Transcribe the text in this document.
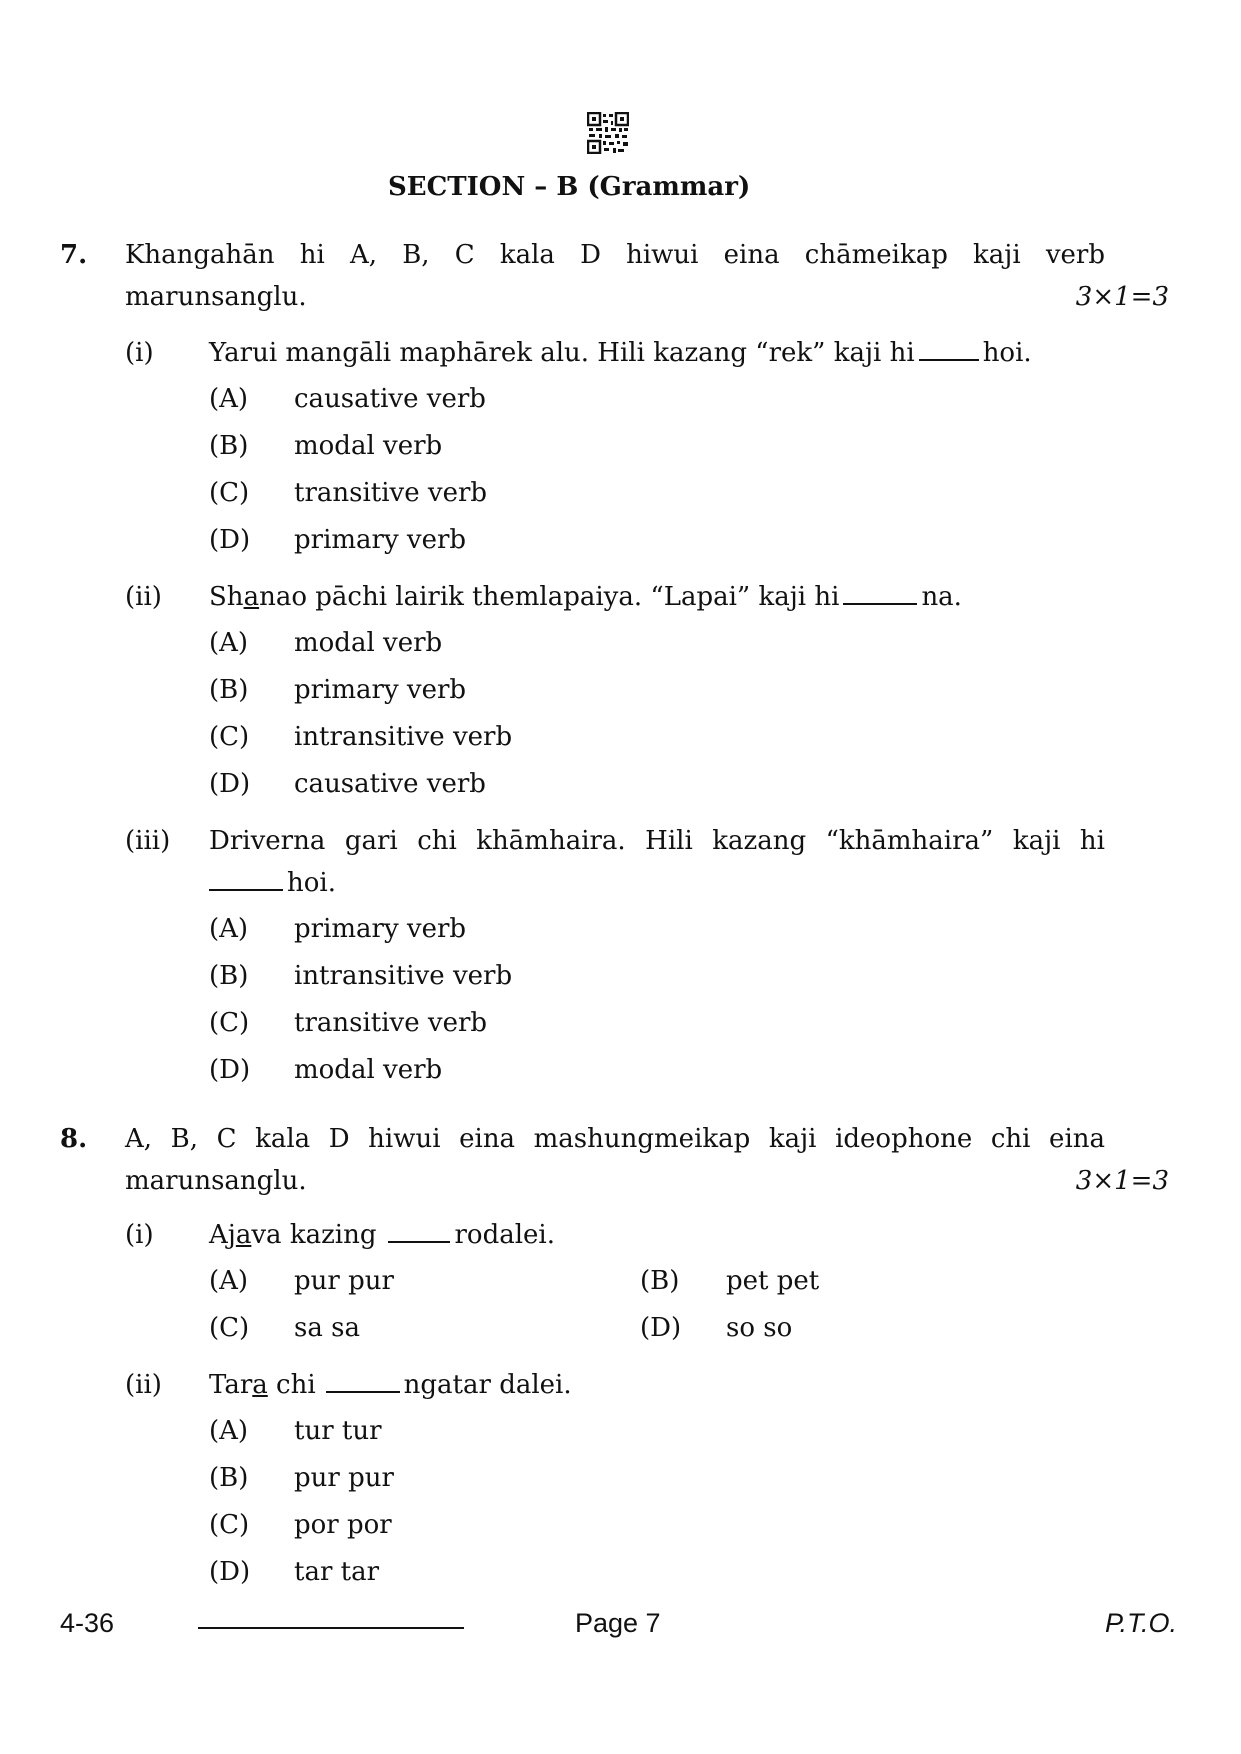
SECTION – B (Grammar)
7. Khangahān hi A, B, C kala D hiwui eina chāmeikap kaji verb
marunsanglu.	3×1=3
(i) Yarui mangāli maphārek alu. Hili kazang “rek” kaji hi	hoi.
(A) causative verb
(B) modal verb
(C) transitive verb
(D) primary verb
(ii) Shanao pāchi lairik themlapaiya. “Lapai” kaji hi	na.
(A) modal verb
(B) primary verb
(C) intransitive verb
(D) causative verb
(iii) Driverna gari chi khāmhaira. Hili kazang “khāmhaira” kaji hi
hoi.
(A) primary verb
(B) intransitive verb
(C) transitive verb
(D) modal verb
8. A, B, C kala D hiwui eina mashungmeikap kaji ideophone chi eina
marunsanglu.	3×1=3
(i) Ajava kazing	rodalei.
(A) pur pur	(B) pet pet
(C) sa sa	(D) so so
(ii) Tara chi	ngatar dalei.
(A) tur tur
(B) pur pur
(C) por por
(D) tar tar
4-36	Page 7	P.T.O.
